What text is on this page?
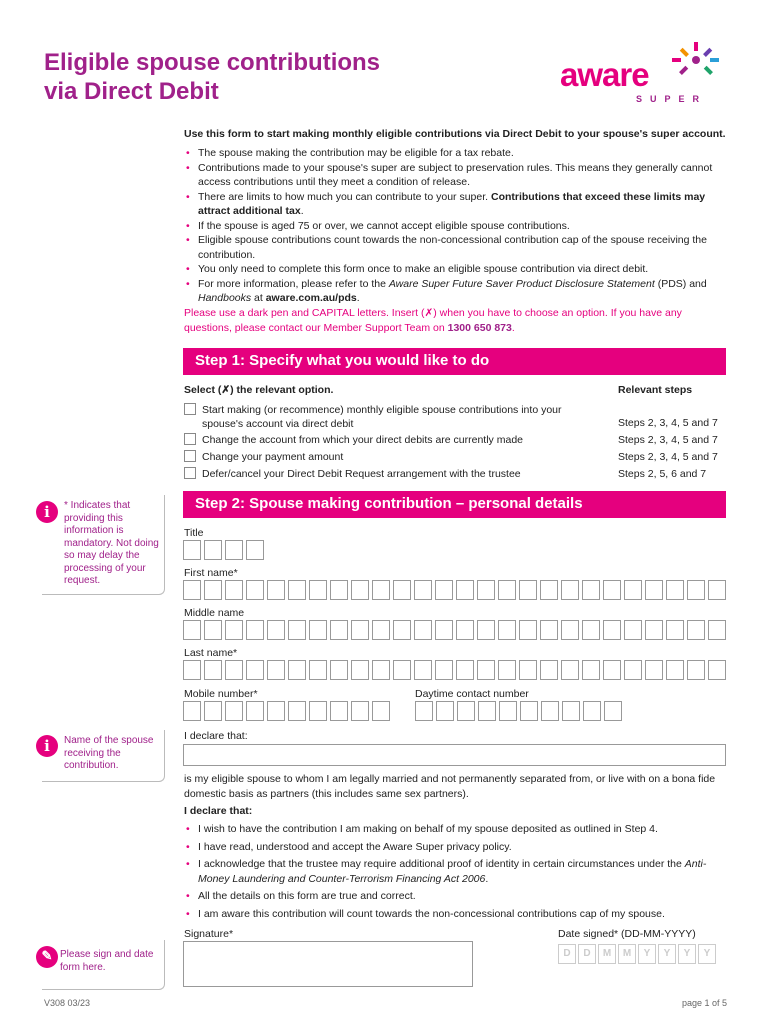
Eligible spouse contributions
via Direct Debit	aware
SUPER
Use this form to start making monthly eligible contributions via Direct Debit to your spouse's super account.
• The spouse making the contribution may be eligible for a tax rebate.
• Contributions made to your spouse's super are subject to preservation rules. This means they generally cannot access contributions until they meet a condition of release.
• There are limits to how much you can contribute to your super. Contributions that exceed these limits may attract additional tax.
• If the spouse is aged 75 or over, we cannot accept eligible spouse contributions.
• Eligible spouse contributions count towards the non-concessional contribution cap of the spouse receiving the contribution.
• You only need to complete this form once to make an eligible spouse contribution via direct debit.
• For more information, please refer to the Aware Super Future Saver Product Disclosure Statement (PDS) and Handbooks at aware.com.au/pds.
Please use a dark pen and CAPITAL letters. Insert (✗) when you have to choose an option. If you have any questions, please contact our Member Support Team on 1300 650 873.
Step 1: Specify what you would like to do
Select (✗) the relevant option.	Relevant steps
Start making (or recommence) monthly eligible spouse contributions into your spouse's account via direct debit	Steps 2, 3, 4, 5 and 7
Change the account from which your direct debits are currently made	Steps 2, 3, 4, 5 and 7
Change your payment amount	Steps 2, 3, 4, 5 and 7
Defer/cancel your Direct Debit Request arrangement with the trustee	Steps 2, 5, 6 and 7
i	* Indicates that providing this information is mandatory. Not doing so may delay the processing of your request.
Step 2: Spouse making contribution – personal details
Title
First name*
Middle name
Last name*
Mobile number*	Daytime contact number
i	Name of the spouse receiving the contribution.
I declare that:
is my eligible spouse to whom I am legally married and not permanently separated from, or live with on a bona fide domestic basis as partners (this includes same sex partners).
I declare that:
• I wish to have the contribution I am making on behalf of my spouse deposited as outlined in Step 4.
• I have read, understood and accept the Aware Super privacy policy.
• I acknowledge that the trustee may require additional proof of identity in certain circumstances under the Anti-Money Laundering and Counter-Terrorism Financing Act 2006.
• All the details on this form are true and correct.
• I am aware this contribution will count towards the non-concessional contributions cap of my spouse.
✎ Please sign and date form here.
Signature*	Date signed* (DD-MM-YYYY)
D	D	M	M	Y	Y	Y	Y
V308 03/23	page 1 of 5
